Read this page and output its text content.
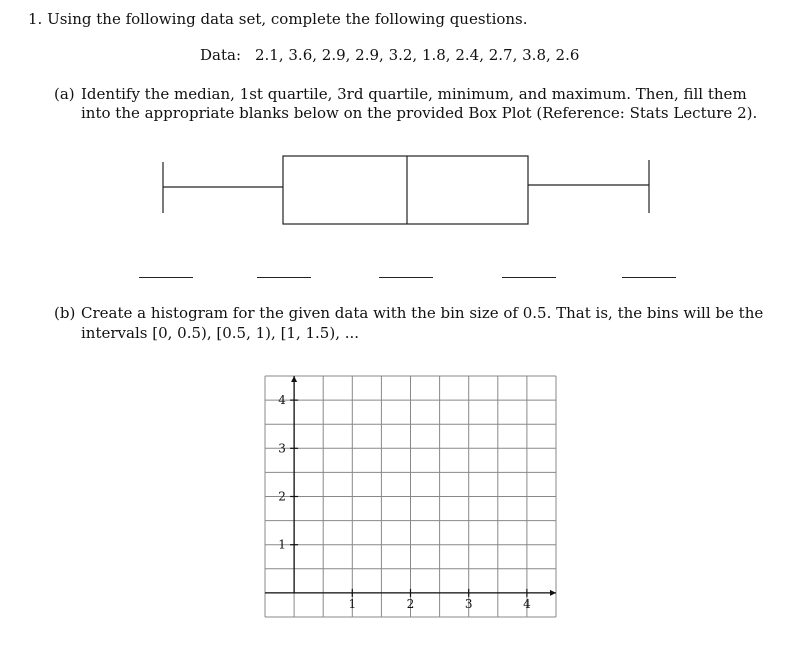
1. Using the following data set, complete the following questions.
Data: 2.1, 3.6, 2.9, 2.9, 3.2, 1.8, 2.4, 2.7, 3.8, 2.6
(a) Identify the median, 1st quartile, 3rd quartile, minimum, and maximum. Then, fill them
into the appropriate blanks below on the provided Box Plot (Reference: Stats Lecture 2).
1	2	3	4
1
2
3
4
(b) Create a histogram for the given data with the bin size of 0.5. That is, the bins will be the
intervals [0, 0.5), [0.5, 1), [1, 1.5), ...
